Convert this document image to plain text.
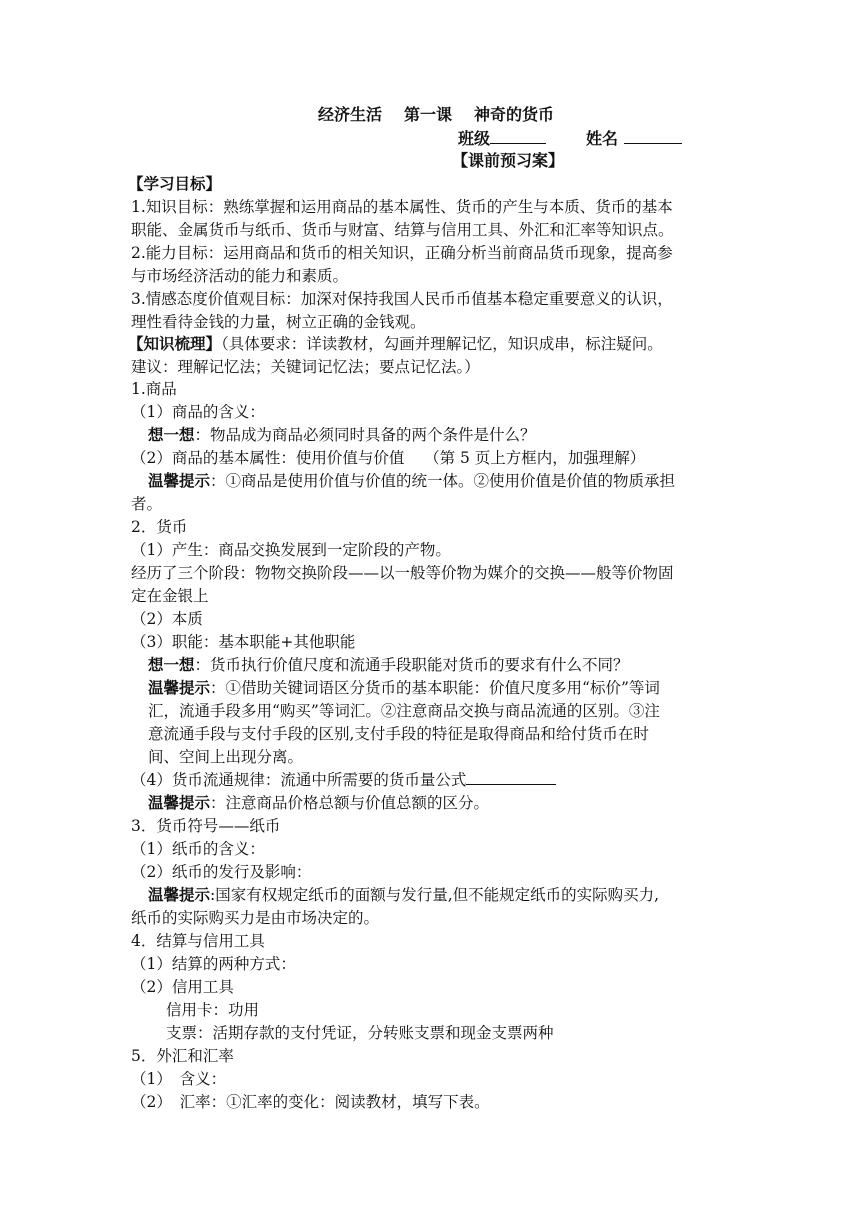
经济生活 第一课 神奇的货币
班级	姓名
【课前预习案】
【学习目标】
1.知识目标：熟练掌握和运用商品的基本属性、货币的产生与本质、货币的基本
职能、金属货币与纸币、货币与财富、结算与信用工具、外汇和汇率等知识点。
2.能力目标：运用商品和货币的相关知识，正确分析当前商品货币现象，提高参
与市场经济活动的能力和素质。
3.情感态度价值观目标：加深对保持我国人民币币值基本稳定重要意义的认识，
理性看待金钱的力量，树立正确的金钱观。
【知识梳理】（具体要求：详读教材，勾画并理解记忆，知识成串，标注疑问。
建议：理解记忆法；关键词记忆法；要点记忆法。）
1.商品
（1）商品的含义：
想一想：物品成为商品必须同时具备的两个条件是什么？
（2）商品的基本属性：使用价值与价值 （第 5 页上方框内，加强理解）
温馨提示：①商品是使用价值与价值的统一体。②使用价值是价值的物质承担
者。
2．货币
（1）产生：商品交换发展到一定阶段的产物。
经历了三个阶段：物物交换阶段——以一般等价物为媒介的交换——般等价物固
定在金银上
（2）本质
（3）职能：基本职能+其他职能
想一想：货币执行价值尺度和流通手段职能对货币的要求有什么不同？
温馨提示：①借助关键词语区分货币的基本职能：价值尺度多用“标价”等词
汇，流通手段多用“购买”等词汇。②注意商品交换与商品流通的区别。③注
意流通手段与支付手段的区别,支付手段的特征是取得商品和给付货币在时
间、空间上出现分离。
（4）货币流通规律：流通中所需要的货币量公式
温馨提示：注意商品价格总额与价值总额的区分。
3．货币符号——纸币
（1）纸币的含义：
（2）纸币的发行及影响：
温馨提示:国家有权规定纸币的面额与发行量,但不能规定纸币的实际购买力,
纸币的实际购买力是由市场决定的。
4．结算与信用工具
（1）结算的两种方式：
（2）信用工具
信用卡：功用
支票：活期存款的支付凭证，分转账支票和现金支票两种
5．外汇和汇率
（1）　含义：
（2）　汇率：①汇率的变化：阅读教材，填写下表。
